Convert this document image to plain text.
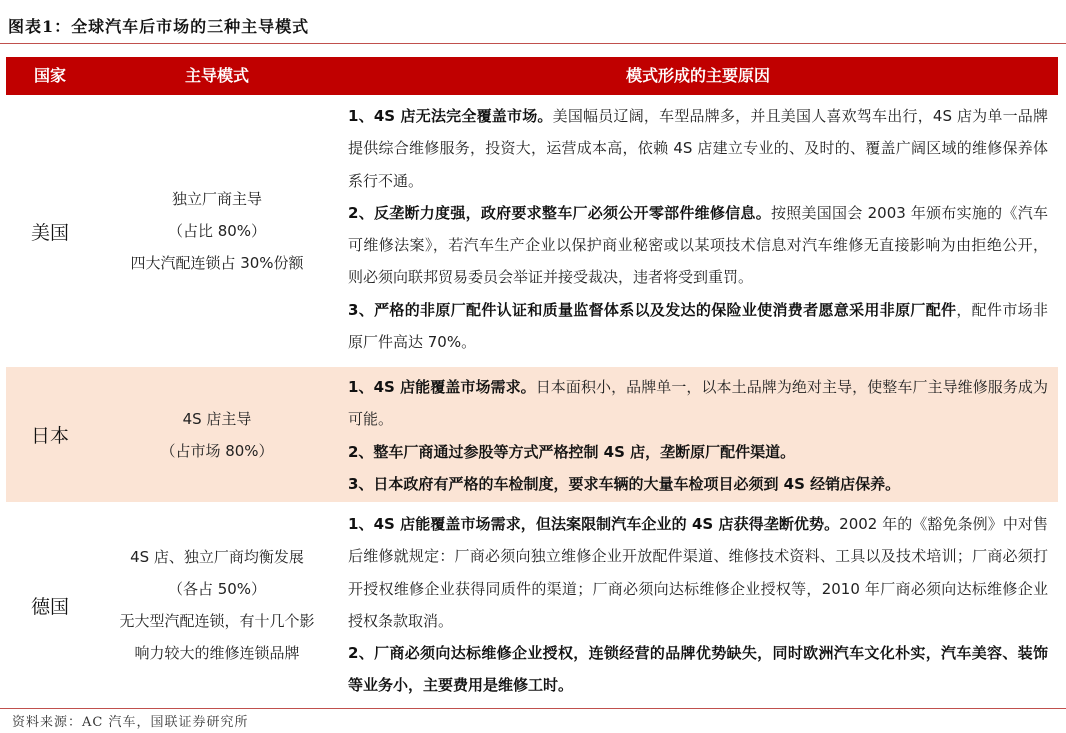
图表1：全球汽车后市场的三种主导模式
国家	主导模式	模式形成的主要原因
美国
独立厂商主导
（占比 80%）
四大汽配连锁占 30%份额
1、4S 店无法完全覆盖市场。美国幅员辽阔，车型品牌多，并且美国人喜欢驾车出行，4S 店为单一品牌提供综合维修服务，投资大，运营成本高，依赖 4S 店建立专业的、及时的、覆盖广阔区域的维修保养体系行不通。
2、反垄断力度强，政府要求整车厂必须公开零部件维修信息。按照美国国会 2003 年颁布实施的《汽车可维修法案》，若汽车生产企业以保护商业秘密或以某项技术信息对汽车维修无直接影响为由拒绝公开， 则必须向联邦贸易委员会举证并接受裁决，违者将受到重罚。
3、严格的非原厂配件认证和质量监督体系以及发达的保险业使消费者愿意采用非原厂配件，配件市场非原厂件高达 70%。
日本
4S 店主导
（占市场 80%）
1、4S 店能覆盖市场需求。日本面积小，品牌单一，以本土品牌为绝对主导，使整车厂主导维修服务成为可能。
2、整车厂商通过参股等方式严格控制 4S 店，垄断原厂配件渠道。
3、日本政府有严格的车检制度，要求车辆的大量车检项目必须到 4S 经销店保养。
德国
4S 店、独立厂商均衡发展
（各占 50%）
无大型汽配连锁，有十几个影
响力较大的维修连锁品牌
1、4S 店能覆盖市场需求，但法案限制汽车企业的 4S 店获得垄断优势。2002 年的《豁免条例》中对售后维修就规定：厂商必须向独立维修企业开放配件渠道、维修技术资料、工具以及技术培训；厂商必须打开授权维修企业获得同质件的渠道；厂商必须向达标维修企业授权等，2010 年厂商必须向达标维修企业授权条款取消。
2、厂商必须向达标维修企业授权，连锁经营的品牌优势缺失，同时欧洲汽车文化朴实，汽车美容、装饰等业务小，主要费用是维修工时。
资料来源：AC 汽车，国联证券研究所
